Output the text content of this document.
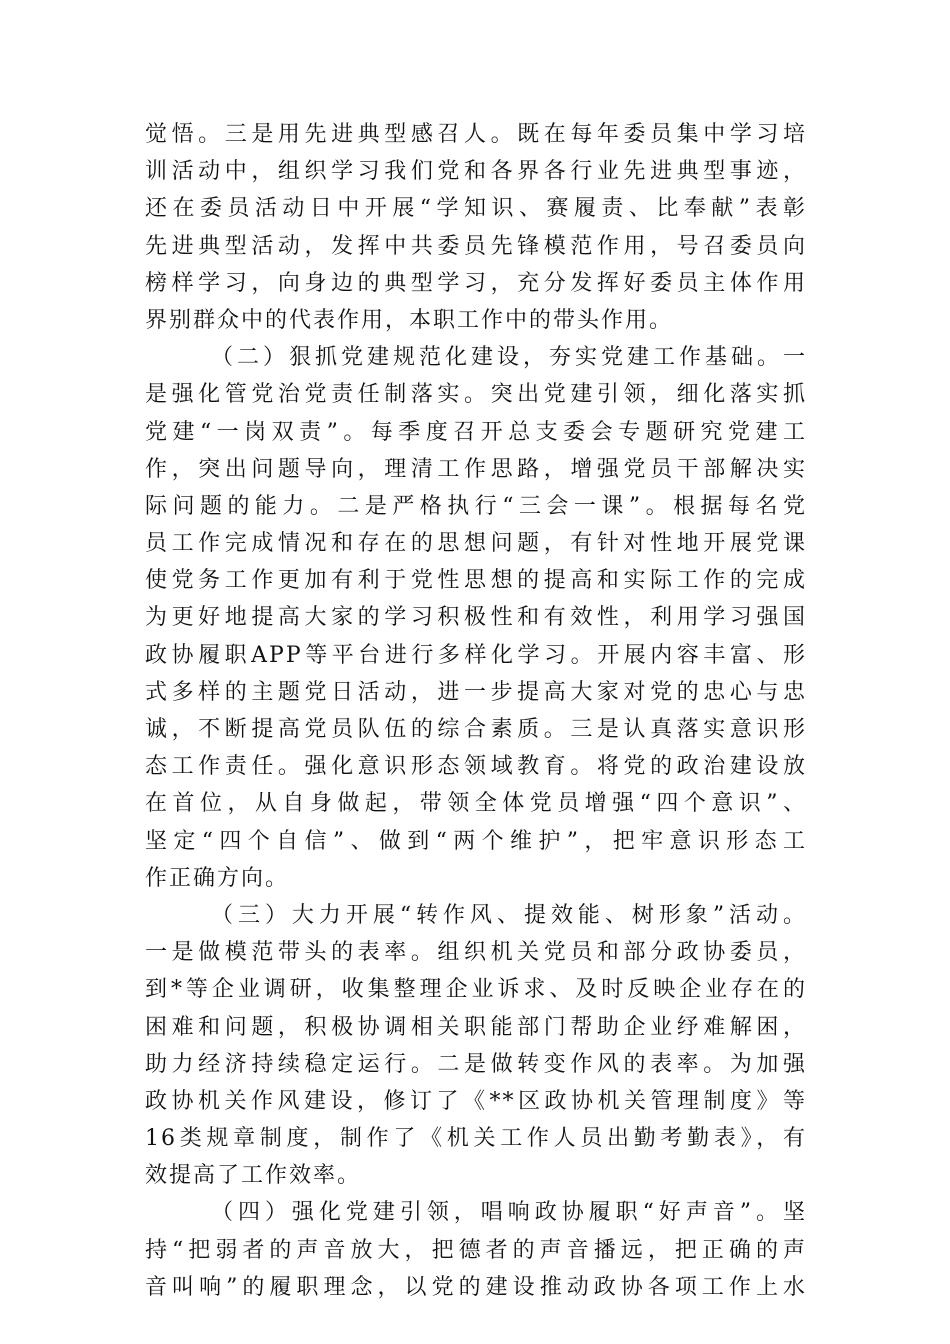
觉悟。三是用先进典型感召人。既在每年委员集中学习培
训活动中，组织学习我们党和各界各行业先进典型事迹，
还在委员活动日中开展“学知识、赛履责、比奉献”表彰
先进典型活动，发挥中共委员先锋模范作用，号召委员向
榜样学习，向身边的典型学习，充分发挥好委员主体作用
界别群众中的代表作用，本职工作中的带头作用。
（二）狠抓党建规范化建设，夯实党建工作基础。一
是强化管党治党责任制落实。突出党建引领，细化落实抓
党建“一岗双责”。每季度召开总支委会专题研究党建工
作，突出问题导向，理清工作思路，增强党员干部解决实
际问题的能力。二是严格执行“三会一课”。根据每名党
员工作完成情况和存在的思想问题，有针对性地开展党课
使党务工作更加有利于党性思想的提高和实际工作的完成
为更好地提高大家的学习积极性和有效性，利用学习强国
政协履职APP等平台进行多样化学习。开展内容丰富、形
式多样的主题党日活动，进一步提高大家对党的忠心与忠
诚，不断提高党员队伍的综合素质。三是认真落实意识形
态工作责任。强化意识形态领域教育。将党的政治建设放
在首位，从自身做起，带领全体党员增强“四个意识”、
坚定“四个自信”、做到“两个维护”，把牢意识形态工
作正确方向。
（三）大力开展“转作风、提效能、树形象”活动。
一是做模范带头的表率。组织机关党员和部分政协委员，
到*等企业调研，收集整理企业诉求、及时反映企业存在的
困难和问题，积极协调相关职能部门帮助企业纾难解困，
助力经济持续稳定运行。二是做转变作风的表率。为加强
政协机关作风建设，修订了《**区政协机关管理制度》等
16类规章制度，制作了《机关工作人员出勤考勤表》，有
效提高了工作效率。
（四）强化党建引领，唱响政协履职“好声音”。坚
持“把弱者的声音放大，把德者的声音播远，把正确的声
音叫响”的履职理念，以党的建设推动政协各项工作上水
